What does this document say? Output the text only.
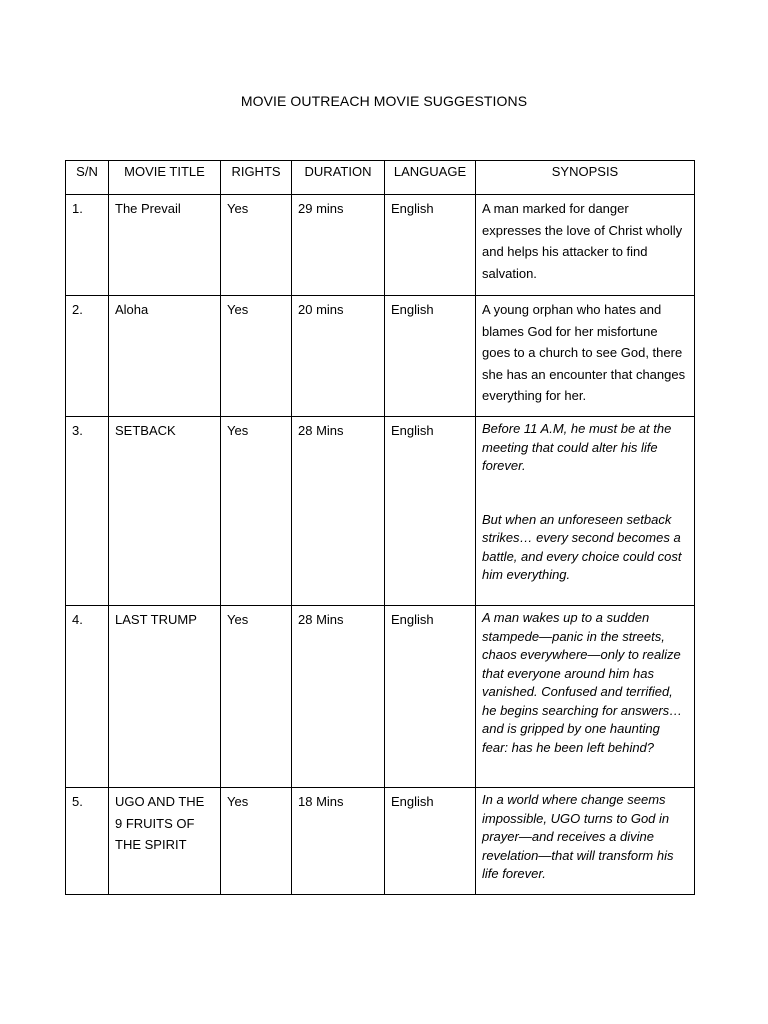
MOVIE OUTREACH MOVIE SUGGESTIONS
S/N	MOVIE TITLE	RIGHTS	DURATION	LANGUAGE	SYNOPSIS
1.	The Prevail	Yes	29 mins	English	A man marked for danger expresses the love of Christ wholly and helps his attacker to find salvation.

2.	Aloha	Yes	20 mins	English	A young orphan who hates and blames God for her misfortune goes to a church to see God, there she has an encounter that changes everything for her.

3.	SETBACK	Yes	28 Mins	English	Before 11 A.M, he must be at the meeting that could alter his life forever.

But when an unforeseen setback strikes… every second becomes a battle, and every choice could cost him everything.

4.	LAST TRUMP	Yes	28 Mins	English	A man wakes up to a sudden stampede—panic in the streets, chaos everywhere—only to realize that everyone around him has vanished. Confused and terrified, he begins searching for answers… and is gripped by one haunting fear: has he been left behind?

5.	UGO AND THE 9 FRUITS OF THE SPIRIT	Yes	18 Mins	English	In a world where change seems impossible, UGO turns to God in prayer—and receives a divine revelation—that will transform his life forever.
